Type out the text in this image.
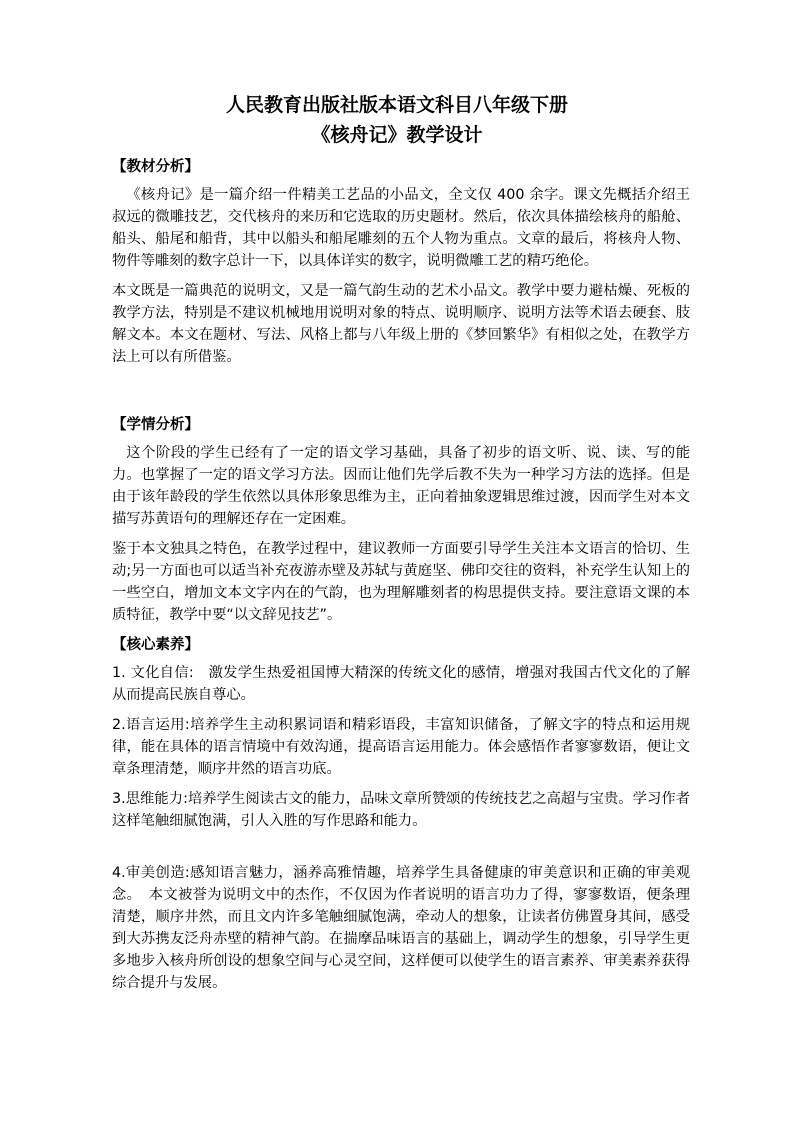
人民教育出版社版本语文科目八年级下册

《核舟记》教学设计

【教材分析】

《核舟记》是一篇介绍一件精美工艺品的小品文，全文仅 400 余字。课文先概括介绍王叔远的微雕技艺，交代核舟的来历和它选取的历史题材。然后，依次具体描绘核舟的船舱、船头、船尾和船背，其中以船头和船尾雕刻的五个人物为重点。文章的最后，将核舟人物、物件等雕刻的数字总计一下，以具体详实的数字，说明微雕工艺的精巧绝伦。

本文既是一篇典范的说明文，又是一篇气韵生动的艺术小品文。教学中要力避枯燥、死板的教学方法，特别是不建议机械地用说明对象的特点、说明顺序、说明方法等术语去硬套、肢解文本。本文在题材、写法、风格上都与八年级上册的《梦回繁华》有相似之处，在教学方法上可以有所借鉴。

【学情分析】

这个阶段的学生已经有了一定的语文学习基础，具备了初步的语文听、说、读、写的能力。也掌握了一定的语文学习方法。因而让他们先学后教不失为一种学习方法的选择。但是由于该年龄段的学生依然以具体形象思维为主，正向着抽象逻辑思维过渡，因而学生对本文描写苏黄语句的理解还存在一定困难。

鉴于本文独具之特色，在教学过程中，建议教师一方面要引导学生关注本文语言的恰切、生动;另一方面也可以适当补充夜游赤壁及苏轼与黄庭坚、佛印交往的资料，补充学生认知上的一些空白，增加文本文字内在的气韵，也为理解雕刻者的构思提供支持。要注意语文课的本质特征，教学中要“以文辞见技艺”。

【核心素养】

1. 文化自信:　激发学生热爱祖国博大精深的传统文化的感情，增强对我国古代文化的了解从而提高民族自尊心。

2.语言运用:培养学生主动积累词语和精彩语段，丰富知识储备，了解文字的特点和运用规律，能在具体的语言情境中有效沟通，提高语言运用能力。体会感悟作者寥寥数语，便让文章条理清楚，顺序井然的语言功底。

3.思维能力:培养学生阅读古文的能力，品味文章所赞颂的传统技艺之高超与宝贵。学习作者这样笔触细腻饱满，引人入胜的写作思路和能力。

4.审美创造:感知语言魅力，涵养高雅情趣，培养学生具备健康的审美意识和正确的审美观念。　本文被誉为说明文中的杰作，不仅因为作者说明的语言功力了得，寥寥数语，便条理清楚，顺序井然，而且文内许多笔触细腻饱满，牵动人的想象，让读者仿佛置身其间，感受到大苏携友泛舟赤壁的精神气韵。在揣摩品味语言的基础上，调动学生的想象，引导学生更多地步入核舟所创设的想象空间与心灵空间，这样便可以使学生的语言素养、审美素养获得综合提升与发展。
